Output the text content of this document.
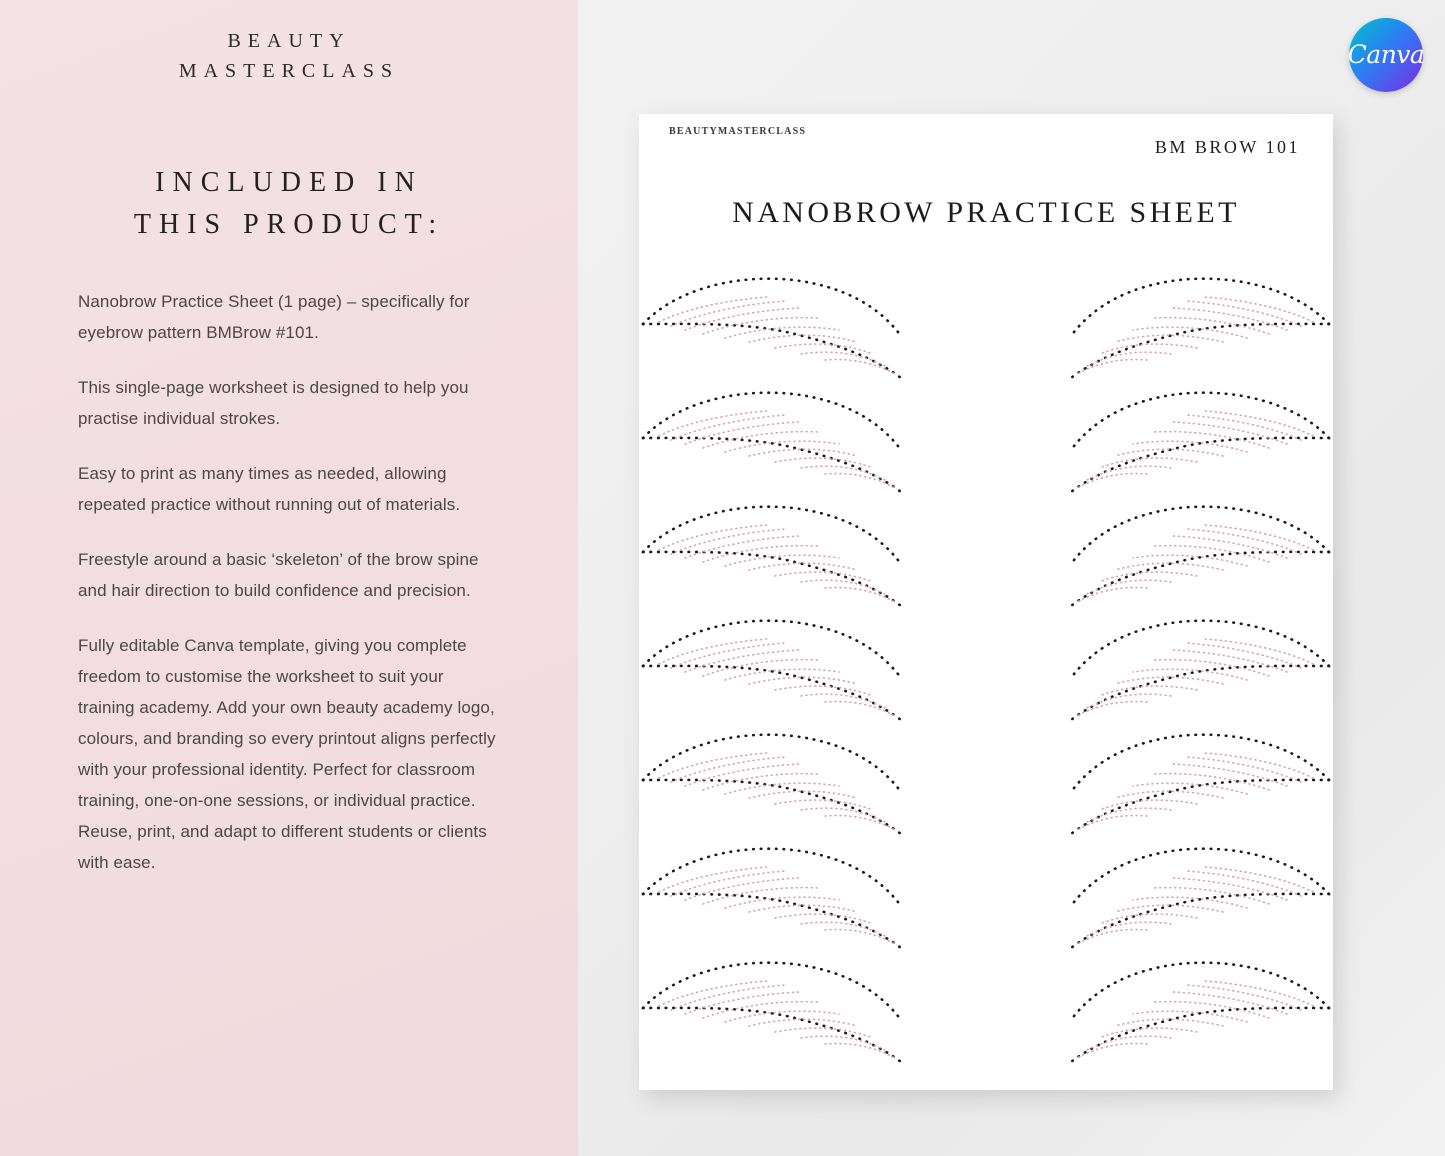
BEAUTY
MASTERCLASS
INCLUDED IN
THIS PRODUCT:

Nanobrow Practice Sheet (1 page) – specifically for eyebrow pattern BMBrow #101.

This single-page worksheet is designed to help you practise individual strokes.

Easy to print as many times as needed, allowing repeated practice without running out of materials.

Freestyle around a basic ‘skeleton’ of the brow spine and hair direction to build confidence and precision.

Fully editable Canva template, giving you complete freedom to customise the worksheet to suit your training academy. Add your own beauty academy logo, colours, and branding so every printout aligns perfectly with your professional identity. Perfect for classroom training, one-on-one sessions, or individual practice. Reuse, print, and adapt to different students or clients with ease.

Canva
BEAUTYMASTERCLASS
BM BROW 101
NANOBROW PRACTICE SHEET
